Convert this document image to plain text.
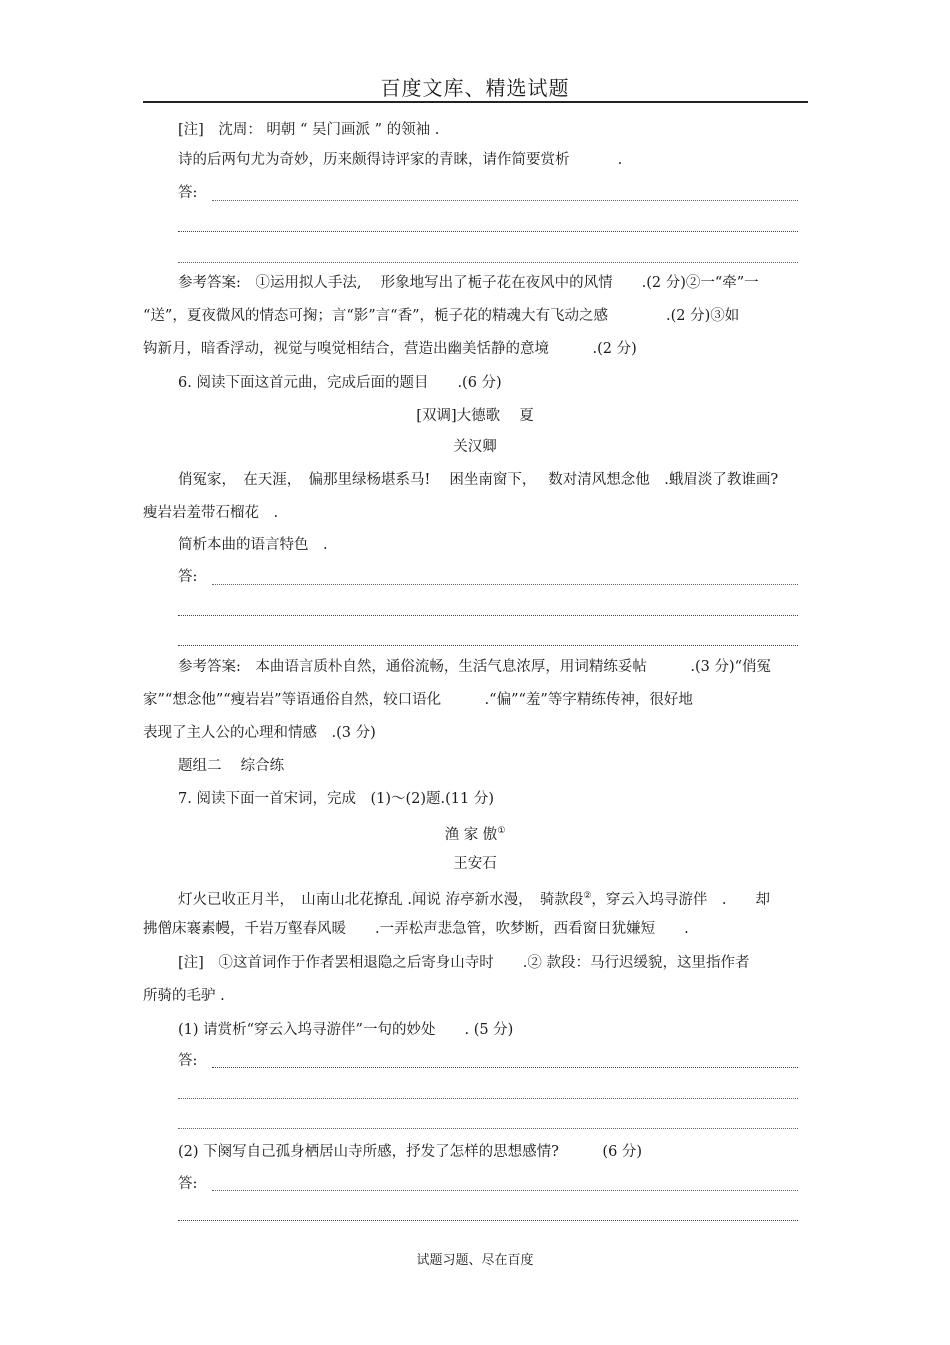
百度文库、精选试题
[注]　沈周： 明朝 “ 吴门画派 ” 的领袖 .
诗的后两句尤为奇妙，历来颇得诗评家的青睐，请作简要赏析　　　 .
答:
参考答案:　①运用拟人手法,　 形象地写出了栀子花在夜风中的风情　　.(2 分)②一“牵”一
“送”，夏夜微风的情态可掬；言“影”言“香”，栀子花的精魂大有飞动之感　　　　.(2 分)③如
钩新月，暗香浮动，视觉与嗅觉相结合，营造出幽美恬静的意境　　　.(2 分)
6. 阅读下面这首元曲，完成后面的题目　　.(6 分)
[双调]大德歌　 夏
关汉卿
俏冤家，　在天涯，　偏那里绿杨堪系马!　 困坐南窗下，　 数对清风想念他　.蛾眉淡了教谁画?
瘦岩岩羞带石榴花　.
简析本曲的语言特色　.
答:
参考答案:　本曲语言质朴自然，通俗流畅，生活气息浓厚，用词精练妥帖　　　.(3 分)“俏冤
家”“想念他”“瘦岩岩”等语通俗自然，较口语化　　　.“偏”“羞”等字精练传神，很好地
表现了主人公的心理和情感　.(3 分)
题组二　 综合练
7. 阅读下面一首宋词，完成　(1)～(2)题.(11 分)
渔 家 傲①
王安石
灯火已收正月半，　山南山北花撩乱 .闻说 洊亭新水漫，　骑款段②，穿云入坞寻游伴　.　　却
拂僧床褰素幔，千岩万壑春风暖　　.一弄松声悲急管，吹梦断，西看窗日犹嫌短　　.
[注]　①这首词作于作者罢相退隐之后寄身山寺时　　.② 款段：马行迟缓貌，这里指作者
所骑的毛驴 .
(1) 请赏析“穿云入坞寻游伴”一句的妙处　　. (5 分)
答:
(2) 下阕写自己孤身栖居山寺所感，抒发了怎样的思想感情?　　　(6 分)
答:
试题习题、尽在百度
